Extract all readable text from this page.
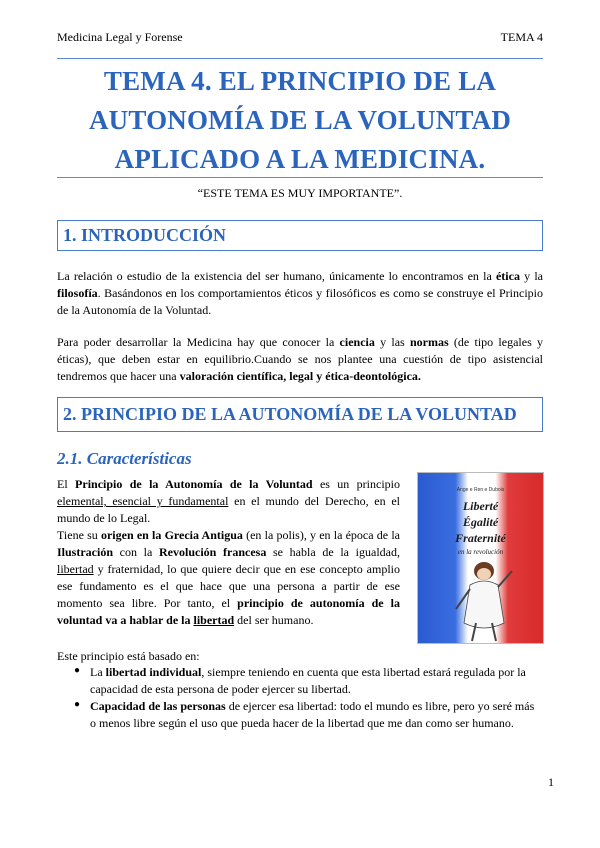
Medicina Legal y Forense	TEMA 4
TEMA 4. EL PRINCIPIO DE LA
AUTONOMÍA DE LA VOLUNTAD
APLICADO A LA MEDICINA.
“ESTE TEMA ES MUY IMPORTANTE”.
1. INTRODUCCIÓN
La relación o estudio de la existencia del ser humano, únicamente lo encontramos en la ética y la filosofía. Basándonos en los comportamientos éticos y filosóficos es como se construye el Principio de la Autonomía de la Voluntad.
Para poder desarrollar la Medicina hay que conocer la ciencia y las normas (de tipo legales y éticas), que deben estar en equilibrio.Cuando se nos plantee una cuestión de tipo asistencial tendremos que hacer una valoración científica, legal y ética-deontológica.
2. PRINCIPIO DE LA AUTONOMÍA DE LA VOLUNTAD
2.1. Características
El Principio de la Autonomía de la Voluntad es un principio elemental, esencial y fundamental en el mundo del Derecho, en el mundo de lo Legal.
Tiene su origen en la Grecia Antigua (en la polis), y en la época de la Ilustración con la Revolución francesa se habla de la igualdad, libertad y fraternidad, lo que quiere decir que en ese concepto amplio ese fundamento es el que hace que una persona a partir de ese momento sea libre. Por tanto, el principio de autonomía de la voluntad va a hablar de la libertad del ser humano.
Ange e Ren e Dubois
Liberté
Égalité
Fraternité
en la revolución
Este principio está basado en:
● La libertad individual, siempre teniendo en cuenta que esta libertad estará regulada por la capacidad de esta persona de poder ejercer su libertad.
● Capacidad de las personas de ejercer esa libertad: todo el mundo es libre, pero yo seré más o menos libre según el uso que pueda hacer de la libertad que me dan como ser humano.
1
